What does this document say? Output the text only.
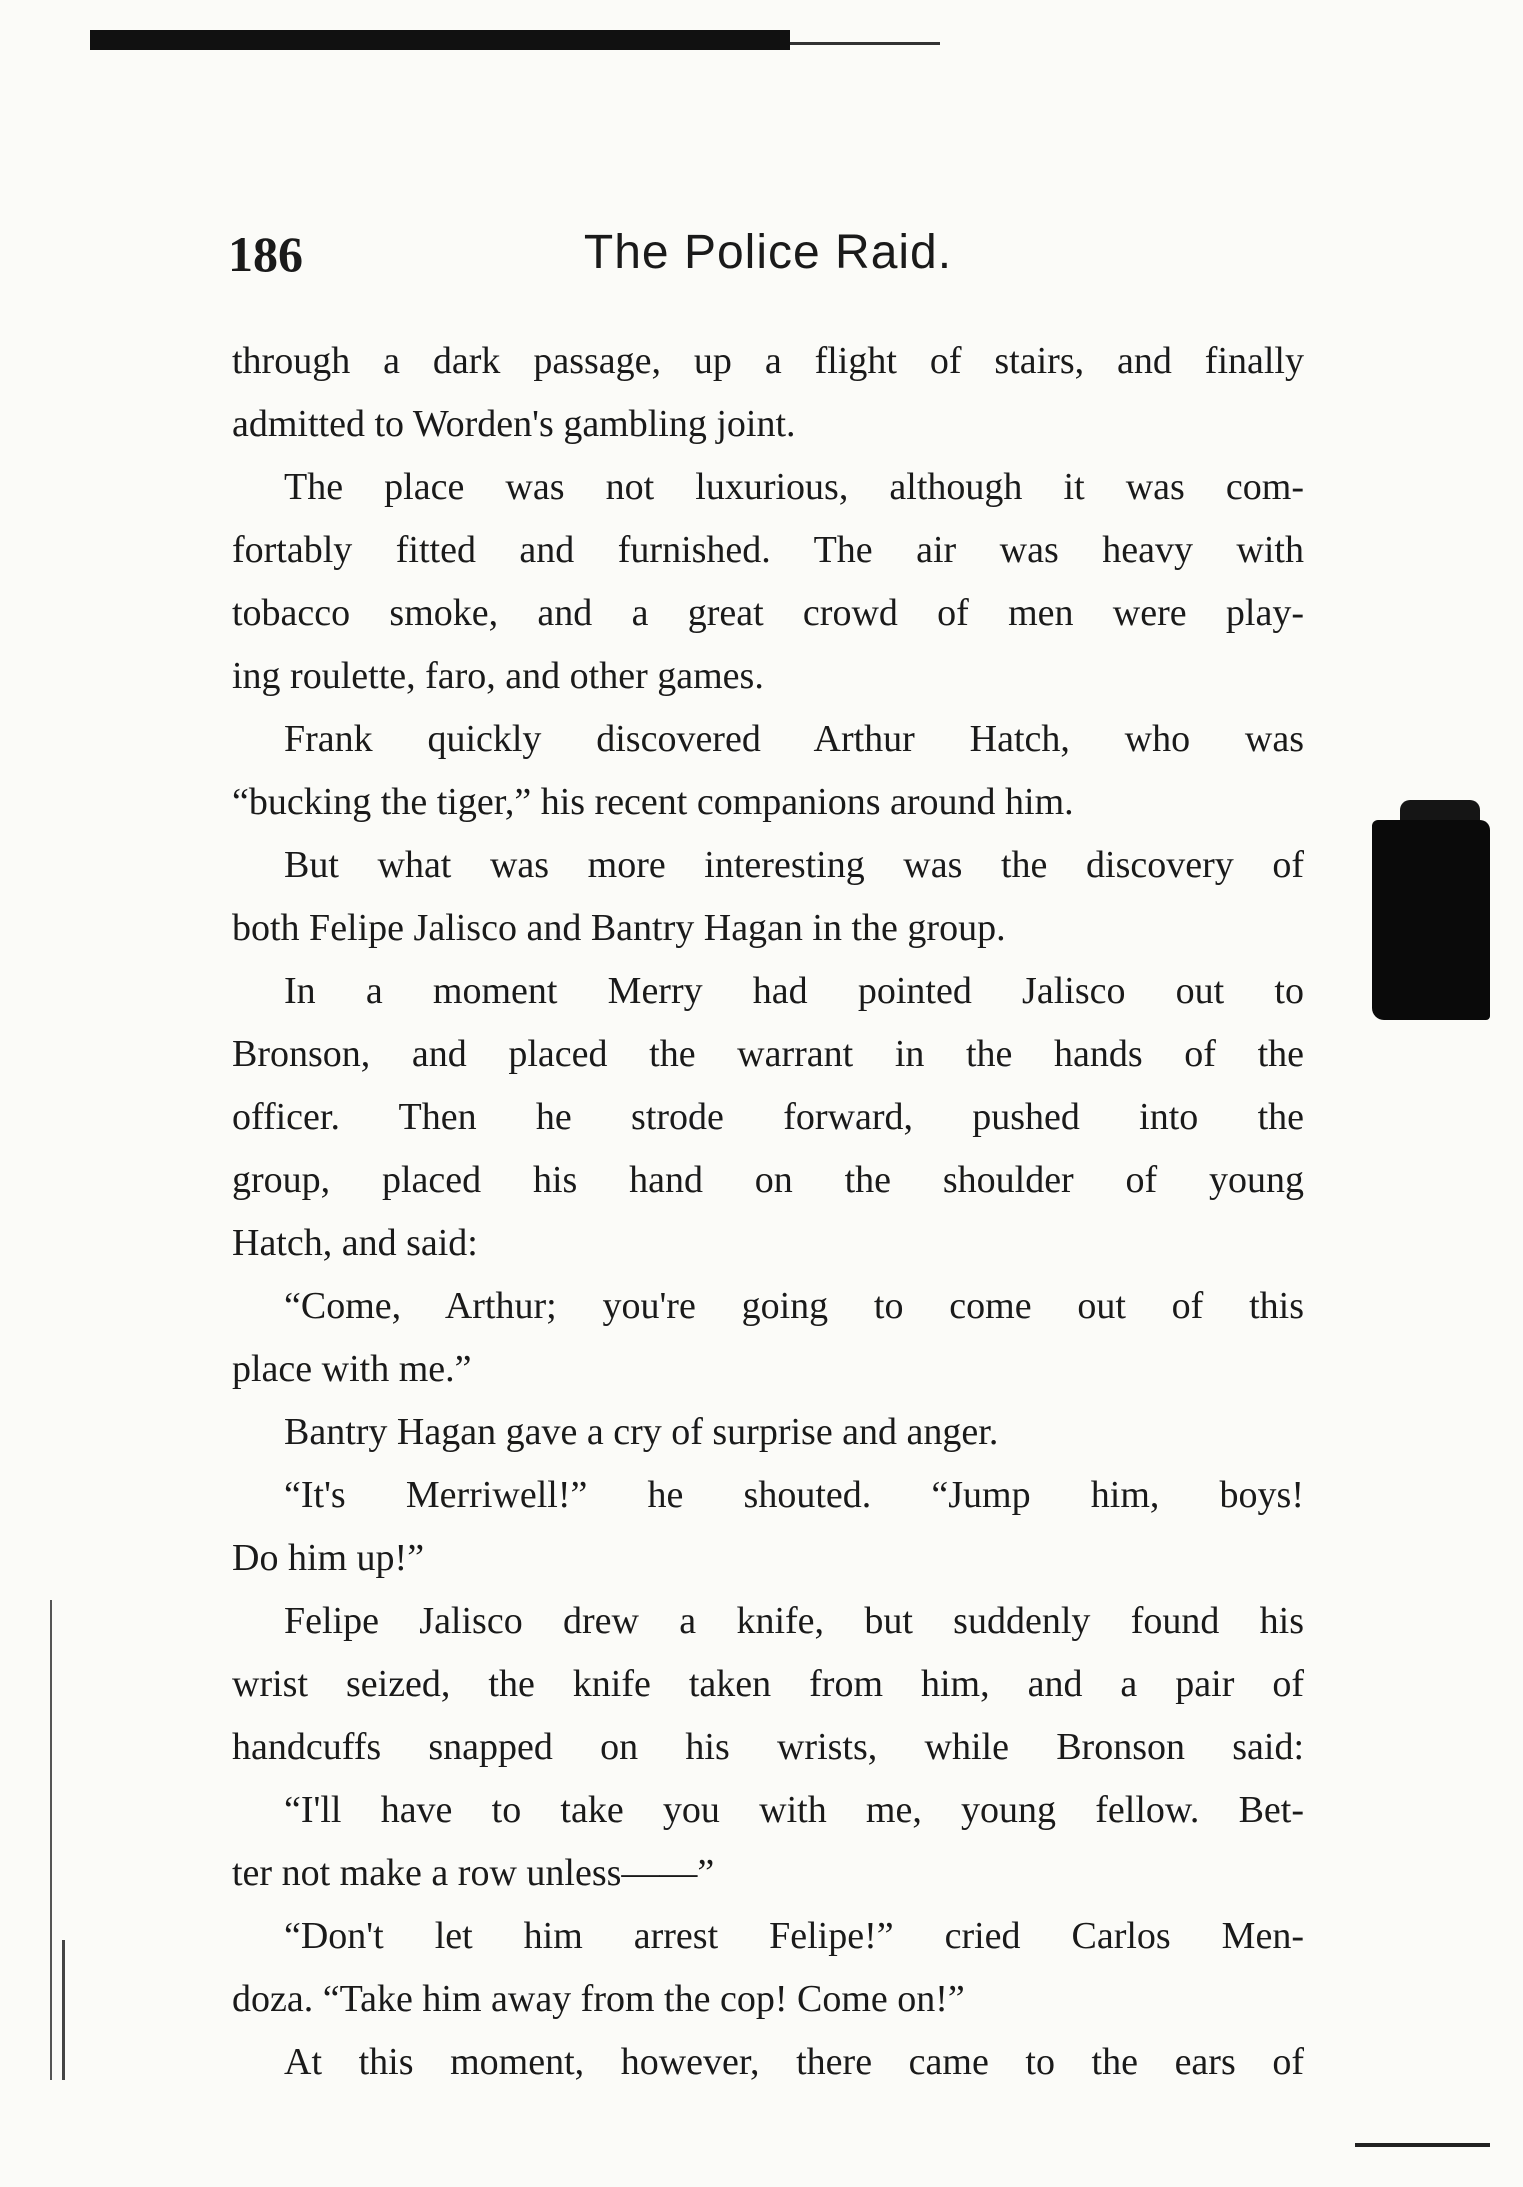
186	The Police Raid.
through a dark passage, up a flight of stairs, and finally
admitted to Worden's gambling joint.
The place was not luxurious, although it was com-
fortably fitted and furnished. The air was heavy with
tobacco smoke, and a great crowd of men were play-
ing roulette, faro, and other games.
Frank quickly discovered Arthur Hatch, who was
“bucking the tiger,” his recent companions around him.
But what was more interesting was the discovery of
both Felipe Jalisco and Bantry Hagan in the group.
In a moment Merry had pointed Jalisco out to
Bronson, and placed the warrant in the hands of the
officer. Then he strode forward, pushed into the
group, placed his hand on the shoulder of young
Hatch, and said:
“Come, Arthur; you're going to come out of this
place with me.”
Bantry Hagan gave a cry of surprise and anger.
“It's Merriwell!” he shouted. “Jump him, boys!
Do him up!”
Felipe Jalisco drew a knife, but suddenly found his
wrist seized, the knife taken from him, and a pair of
handcuffs snapped on his wrists, while Bronson said:
“I'll have to take you with me, young fellow. Bet-
ter not make a row unless——”
“Don't let him arrest Felipe!” cried Carlos Men-
doza. “Take him away from the cop! Come on!”
At this moment, however, there came to the ears of
